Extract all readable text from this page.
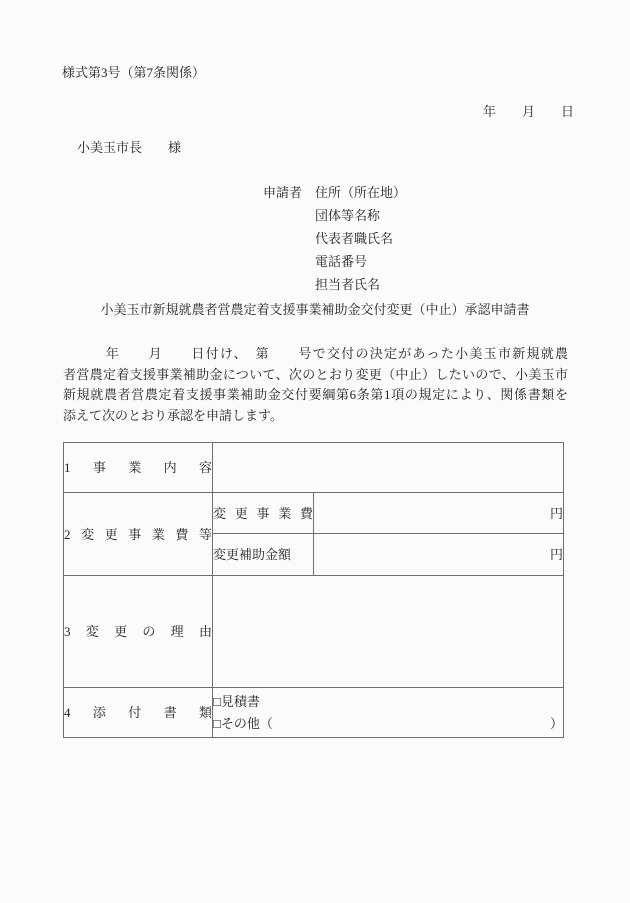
様式第3号（第7条関係）
年　　月　　日
小美玉市長　　様
申請者 住所（所在地）
団体等名称
代表者職氏名
電話番号
担当者氏名
小美玉市新規就農者営農定着支援事業補助金交付変更（中止）承認申請書
　　　年　　月　　日付け、　第　　号で交付の決定があった小美玉市新規就農
者営農定着支援事業補助金について、次のとおり変更（中止）したいので、小美玉市
新規就農者営農定着支援事業補助金交付要綱第6条第1項の規定により、関係書類を
添えて次のとおり承認を申請します。
1 事 業 内 容		

2 変 更 事 業 費 等

変 更 事 業 費	円

	変更補助金額	円

3 変 更 の 理 由

4 添 付 書 類

□見積書
□その他（	）
